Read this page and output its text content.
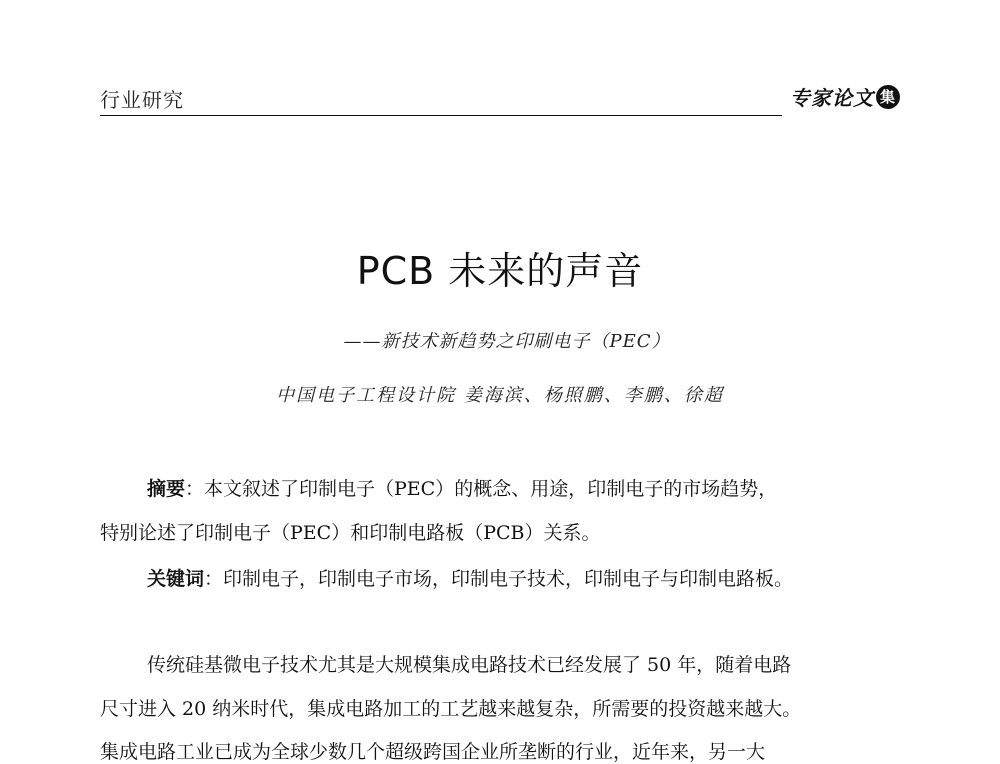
行业研究	专家论文 集
PCB 未来的声音
——新技术新趋势之印刷电子（PEC）
中国电子工程设计院 姜海滨、杨照鹏、李鹏、徐超
摘要：本文叙述了印制电子（PEC）的概念、用途，印制电子的市场趋势，
特别论述了印制电子（PEC）和印制电路板（PCB）关系。
关键词：印制电子，印制电子市场，印制电子技术，印制电子与印制电路板。
传统硅基微电子技术尤其是大规模集成电路技术已经发展了 50 年，随着电路
尺寸进入 20 纳米时代，集成电路加工的工艺越来越复杂，所需要的投资越来越大。
集成电路工业已成为全球少数几个超级跨国企业所垄断的行业，近年来，另一大
